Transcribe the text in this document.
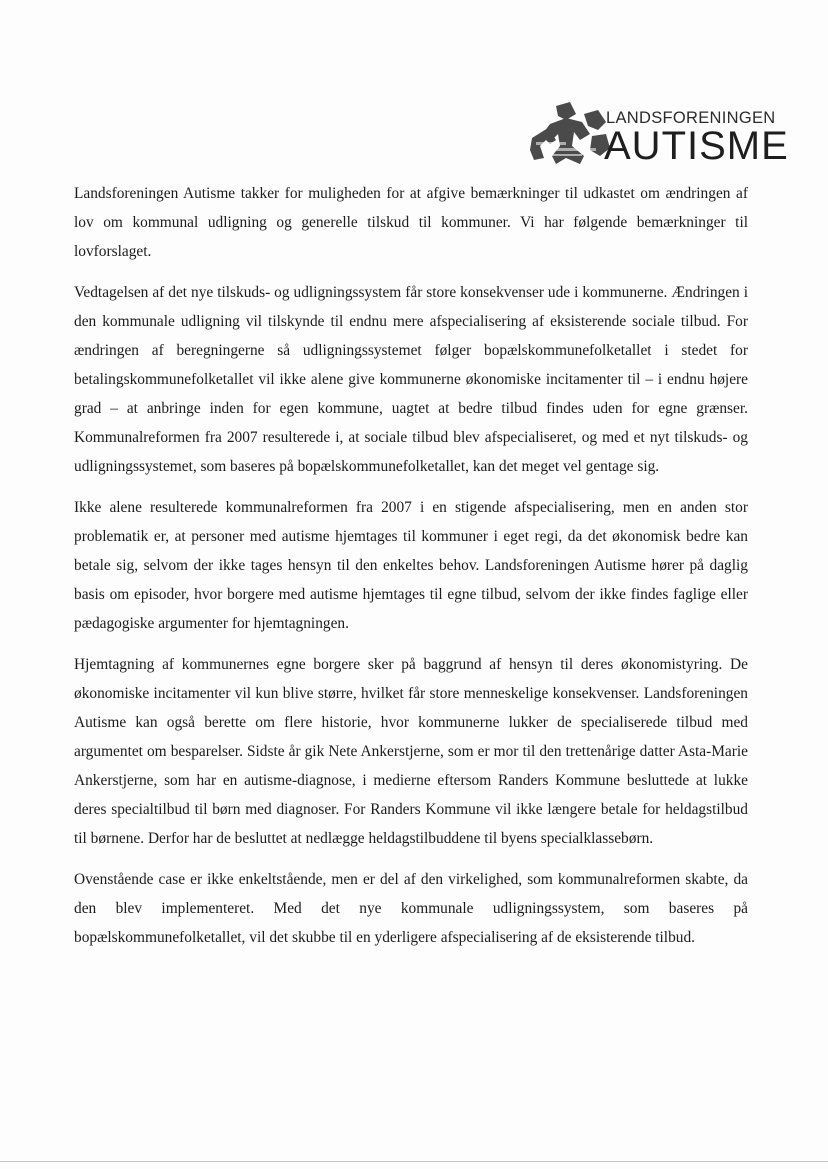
LANDSFORENINGEN
AUTISME

Landsforeningen Autisme takker for muligheden for at afgive bemærkninger til udkastet om ændringen af lov om kommunal udligning og generelle tilskud til kommuner. Vi har følgende bemærkninger til lovforslaget.

Vedtagelsen af det nye tilskuds- og udligningssystem får store konsekvenser ude i kommunerne. Ændringen i den kommunale udligning vil tilskynde til endnu mere afspecialisering af eksisterende sociale tilbud. For ændringen af beregningerne så udligningssystemet følger bopælskommunefolketallet i stedet for betalingskommunefolketallet vil ikke alene give kommunerne økonomiske incitamenter til – i endnu højere grad – at anbringe inden for egen kommune, uagtet at bedre tilbud findes uden for egne grænser. Kommunalreformen fra 2007 resulterede i, at sociale tilbud blev afspecialiseret, og med et nyt tilskuds- og udligningssystemet, som baseres på bopælskommunefolketallet, kan det meget vel gentage sig.

Ikke alene resulterede kommunalreformen fra 2007 i en stigende afspecialisering, men en anden stor problematik er, at personer med autisme hjemtages til kommuner i eget regi, da det økonomisk bedre kan betale sig, selvom der ikke tages hensyn til den enkeltes behov. Landsforeningen Autisme hører på daglig basis om episoder, hvor borgere med autisme hjemtages til egne tilbud, selvom der ikke findes faglige eller pædagogiske argumenter for hjemtagningen.

Hjemtagning af kommunernes egne borgere sker på baggrund af hensyn til deres økonomistyring. De økonomiske incitamenter vil kun blive større, hvilket får store menneskelige konsekvenser. Landsforeningen Autisme kan også berette om flere historie, hvor kommunerne lukker de specialiserede tilbud med argumentet om besparelser. Sidste år gik Nete Ankerstjerne, som er mor til den trettenårige datter Asta-Marie Ankerstjerne, som har en autisme-diagnose, i medierne eftersom Randers Kommune besluttede at lukke deres specialtilbud til børn med diagnoser. For Randers Kommune vil ikke længere betale for heldagstilbud til børnene. Derfor har de besluttet at nedlægge heldagstilbuddene til byens specialklassebørn.

Ovenstående case er ikke enkeltstående, men er del af den virkelighed, som kommunalreformen skabte, da den blev implementeret. Med det nye kommunale udligningssystem, som baseres på bopælskommunefolketallet, vil det skubbe til en yderligere afspecialisering af de eksisterende tilbud.
